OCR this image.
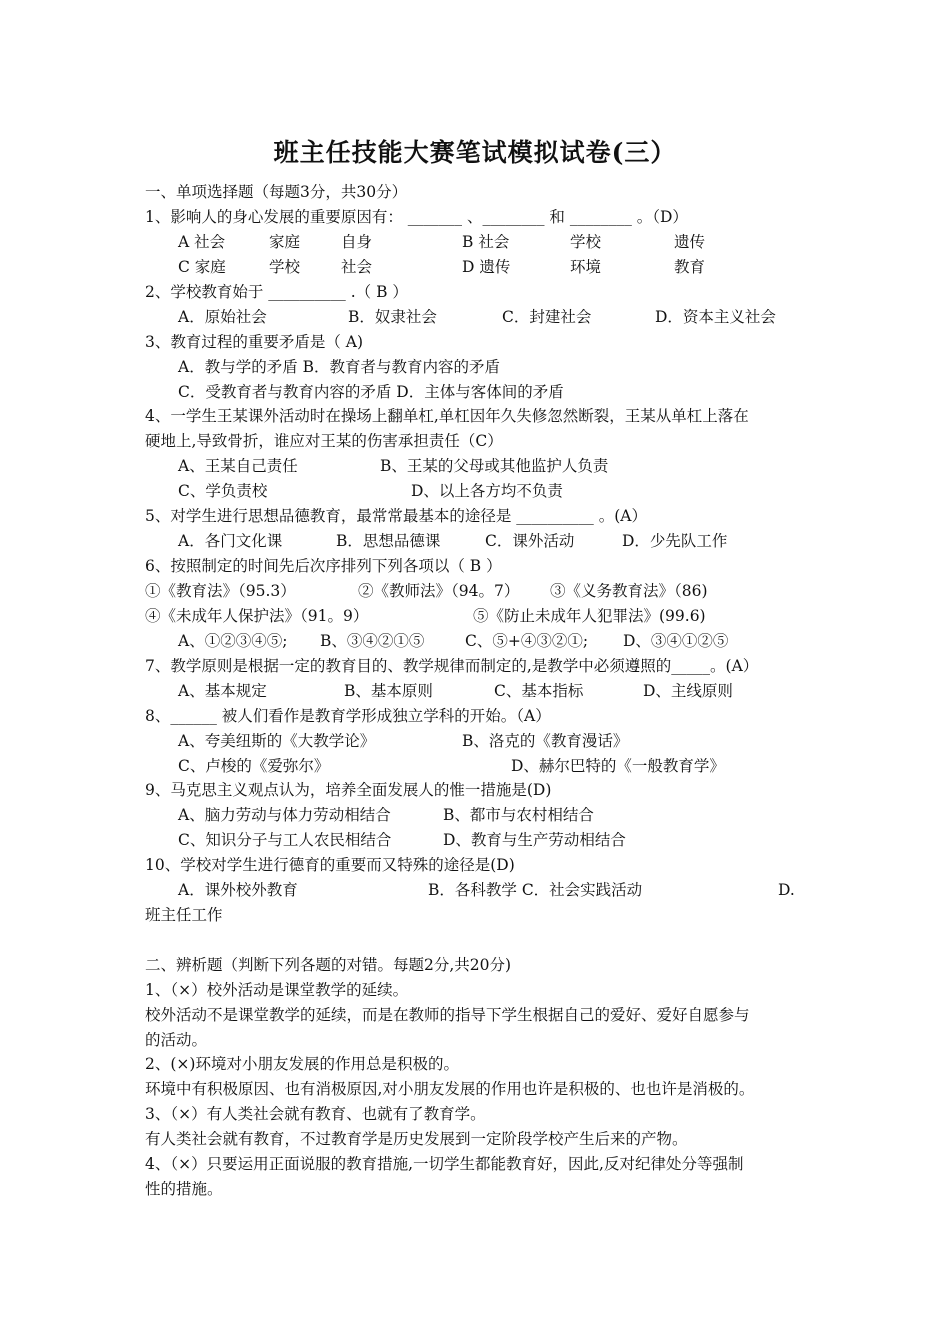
班主任技能大赛笔试模拟试卷(三）
一、单项选择题（每题3分，共30分）
1、影响人的身心发展的重要原因有： _______ 、________ 和 ________ 。（D）
A 社会	家庭	自身	B 社会	学校	遗传
C 家庭	学校	社会	D 遗传	环境	教育
2、学校教育始于 __________ .（ B ）
A．原始社会	B．奴隶社会	C．封建社会	D．资本主义社会
3、教育过程的重要矛盾是（ A)
A．教与学的矛盾 B．教育者与教育内容的矛盾
C．受教育者与教育内容的矛盾 D．主体与客体间的矛盾
4、一学生王某课外活动时在操场上翻单杠,单杠因年久失修忽然断裂，王某从单杠上落在
硬地上,导致骨折，谁应对王某的伤害承担责任（C）
A、王某自己责任	B、王某的父母或其他监护人负责
C、学负责校	D、以上各方均不负责
5、对学生进行思想品德教育，最常常最基本的途径是 __________ 。(A）
A．各门文化课	B．思想品德课	C．课外活动	D．少先队工作
6、按照制定的时间先后次序排列下列各项以（ B ）
①《教育法》（95.3）	②《教师法》（94。7） ③《义务教育法》（86)
④《未成年人保护法》（91。9）	⑤《防止未成年人犯罪法》(99.6)
A、①②③④⑤; B、③④②①⑤	C、⑤+④③②①; D、③④①②⑤
7、教学原则是根据一定的教育目的、教学规律而制定的,是教学中必须遵照的_____。(A）
A、基本规定	B、基本原则	C、基本指标	D、主线原则
8、______ 被人们看作是教育学形成独立学科的开始。（A）
A、夸美纽斯的《大教学论》	B、洛克的《教育漫话》
C、卢梭的《爱弥尔》	D、赫尔巴特的《一般教育学》
9、马克思主义观点认为，培养全面发展人的惟一措施是(D)
A、脑力劳动与体力劳动相结合	B、都市与农村相结合
C、知识分子与工人农民相结合	D、教育与生产劳动相结合
10、学校对学生进行德育的重要而又特殊的途径是(D)
A．课外校外教育	B．各科教学 C．社会实践活动	D.
班主任工作
二、辨析题（判断下列各题的对错。每题2分,共20分)
1、（×）校外活动是课堂教学的延续。
校外活动不是课堂教学的延续，而是在教师的指导下学生根据自己的爱好、爱好自愿参与
的活动。
2、(×)环境对小朋友发展的作用总是积极的。
环境中有积极原因、也有消极原因,对小朋友发展的作用也许是积极的、也也许是消极的。
3、（×）有人类社会就有教育、也就有了教育学。
有人类社会就有教育，不过教育学是历史发展到一定阶段学校产生后来的产物。
4、（×）只要运用正面说服的教育措施,一切学生都能教育好，因此,反对纪律处分等强制
性的措施。
